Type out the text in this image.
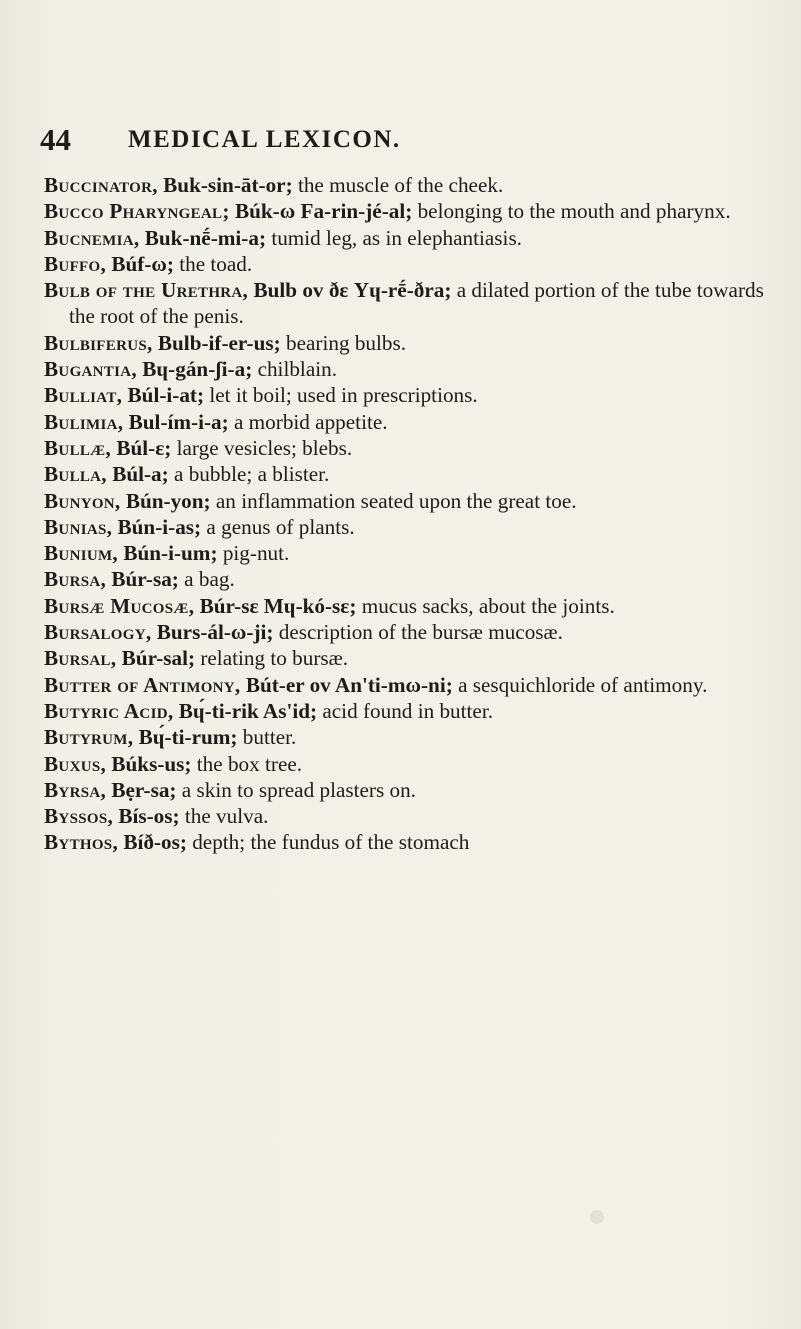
44 MEDICAL LEXICON.
Buccinator, Buk-sin-āt-or; the muscle of the cheek.
Bucco Pharyngeal; Búk-ω Fa-rin-jé-al; belonging to the mouth and pharynx.
Bucnemia, Buk-nḗ-mi-a; tumid leg, as in elephantiasis.
Buffo, Búf-ω; the toad.
Bulb of the Urethra, Bulb ov ðε Yɥ-rḗ-ðra; a dilated portion of the tube towards the root of the penis.
Bulbiferus, Bulb-if-er-us; bearing bulbs.
Bugantia, Bɥ-gán-ʃi-a; chilblain.
Bulliat, Búl-i-at; let it boil; used in prescriptions.
Bulimia, Bul-ím-i-a; a morbid appetite.
Bullæ, Búl-ε; large vesicles; blebs.
Bulla, Búl-a; a bubble; a blister.
Bunyon, Bún-yon; an inflammation seated upon the great toe.
Bunias, Bún-i-as; a genus of plants.
Bunium, Bún-i-um; pig-nut.
Bursa, Búr-sa; a bag.
Bursæ Mucosæ, Búr-sε Mɥ-kó-sε; mucus sacks, about the joints.
Bursalogy, Burs-ál-ω-ji; description of the bursæ mucosæ.
Bursal, Búr-sal; relating to bursæ.
Butter of Antimony, Bút-er ov An'ti-mω-ni; a sesquichloride of antimony.
Butyric Acid, Bɥ́-ti-rik As'id; acid found in butter.
Butyrum, Bɥ́-ti-rum; butter.
Buxus, Búks-us; the box tree.
Byrsa, Bẹr-sa; a skin to spread plasters on.
Byssos, Bís-os; the vulva.
Bythos, Bíð-os; depth; the fundus of the stomach
